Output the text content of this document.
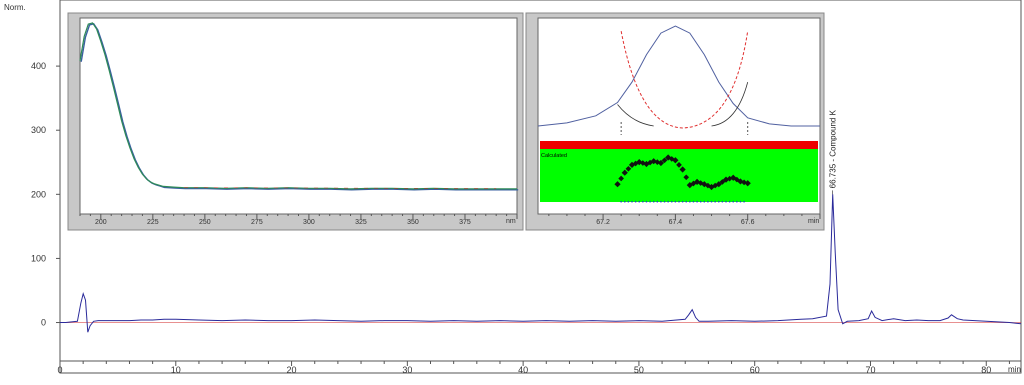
Norm.
min
0
100
200
300
400
0	10	20	30	40	50	60	70	80
66.735 - Compound K
200	225	250	275	300	325	350	375	nm
Calculated
67.2	67.4	67.6	min
